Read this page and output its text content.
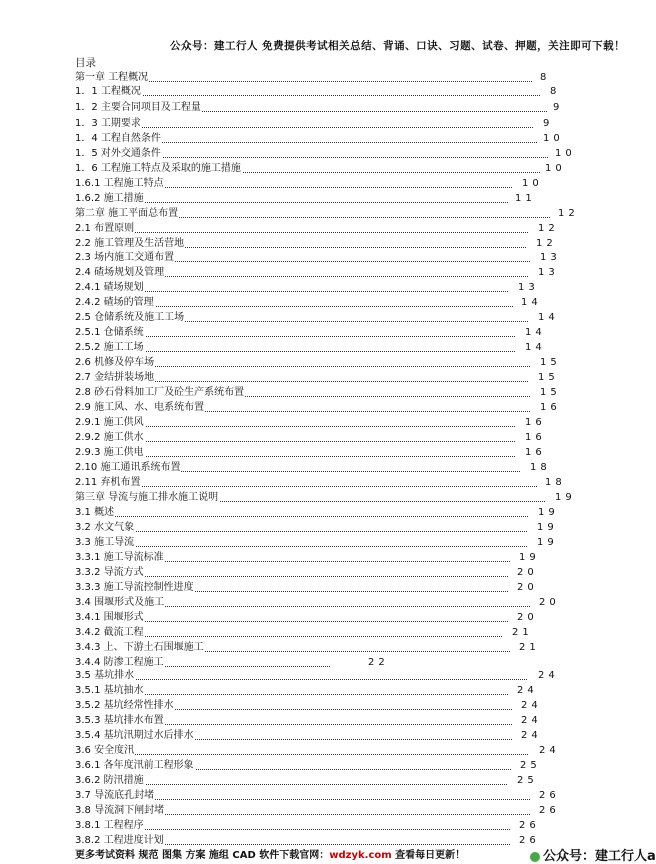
公众号：建工行人 免费提供考试相关总结、背诵、口诀、习题、试卷、押题，关注即可下载！
目录
第一章 工程概况	8
1．1 工程概况	8
1．2 主要合同项目及工程量	9
1．3 工期要求	9
1．4 工程自然条件	10
1．5 对外交通条件	10
1．6 工程施工特点及采取的施工措施	10
1.6.1 工程施工特点	10
1.6.2 施工措施	11
第二章 施工平面总布置	12
2.1 布置原则	12
2.2 施工管理及生活营地	12
2.3 场内施工交通布置	13
2.4 碴场规划及管理	13
2.4.1 碴场规划	13
2.4.2 碴场的管理	14
2.5 仓储系统及施工工场	14
2.5.1 仓储系统	14
2.5.2 施工工场	14
2.6 机修及停车场	15
2.7 金结拼装场地	15
2.8 砂石骨料加工厂及砼生产系统布置	15
2.9 施工风、水、电系统布置	16
2.9.1 施工供风	16
2.9.2 施工供水	16
2.9.3 施工供电	16
2.10 施工通讯系统布置	18
2.11 弃机布置	18
第三章 导流与施工排水施工说明	19
3.1 概述	19
3.2 水文气象	19
3.3 施工导流	19
3.3.1 施工导流标准	19
3.3.2 导流方式	20
3.3.3 施工导流控制性进度	20
3.4 围堰形式及施工	20
3.4.1 围堰形式	20
3.4.2 截流工程	21
3.4.3 上、下游土石围堰施工	21
3.4.4 防渗工程施工	22
3.5 基坑排水	24
3.5.1 基坑抽水	24
3.5.2 基坑经常性排水	24
3.5.3 基坑排水布置	24
3.5.4 基坑汛期过水后排水	24
3.6 安全度汛	24
3.6.1 各年度汛前工程形象	25
3.6.2 防汛措施	25
3.7 导流底孔封堵	26
3.8 导流洞下闸封堵	26
3.8.1 工程程序	26
3.8.2 工程进度计划	26
更多考试资料 规范 图集 方案 施组 CAD 软件下载官网：wdzyk.com 查看每日更新！	公众号：建工行人a
